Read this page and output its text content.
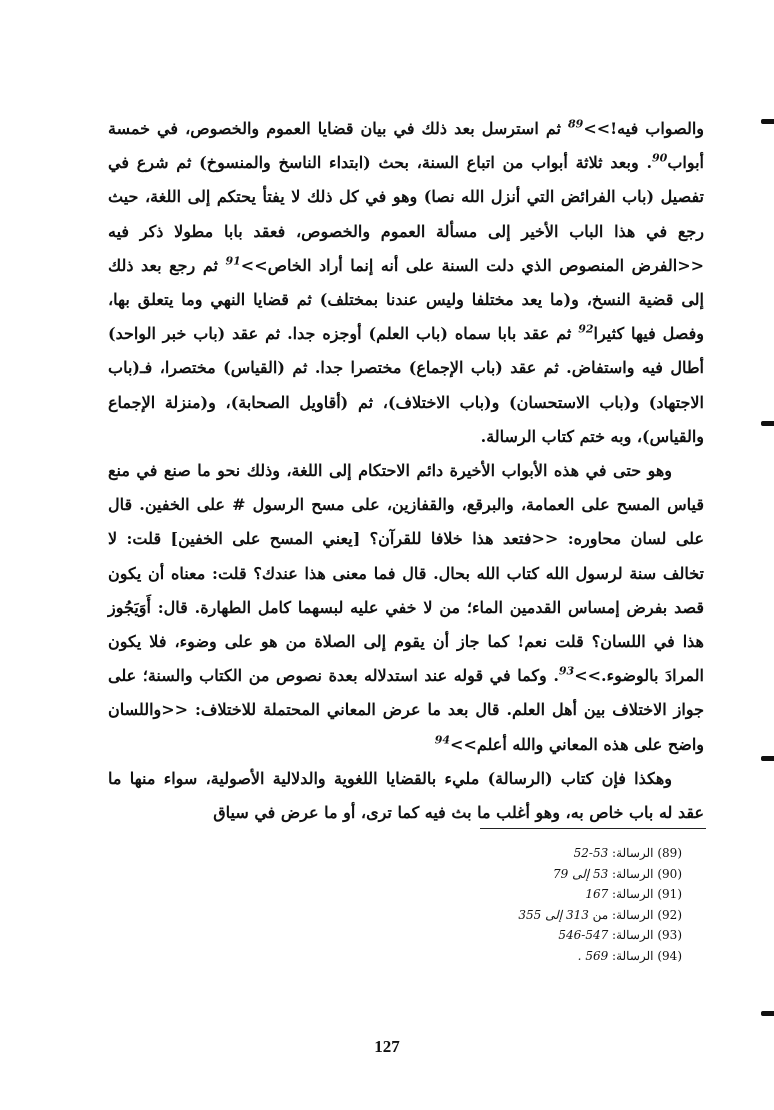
والصواب فيه!>>$^{89}$ ثم استرسل بعد ذلك في بيان قضايا العموم والخصوص، في خمسة أبواب$^{90}$. وبعد ثلاثة أبواب من اتباع السنة، بحث (ابتداء الناسخ والمنسوخ) ثم شرع في تفصيل (باب الفرائض التي أنزل الله نصا) وهو في كل ذلك لا يفتأ يحتكم إلى اللغة، حيث رجع في هذا الباب الأخير إلى مسألة العموم والخصوص، فعقد بابا مطولا ذكر فيه <<الفرض المنصوص الذي دلت السنة على أنه إنما أراد الخاص>>$^{91}$ ثم رجع بعد ذلك إلى قضية النسخ، و(ما يعد مختلفا وليس عندنا بمختلف) ثم قضايا النهي وما يتعلق بها، وفصل فيها كثيرا$^{92}$ ثم عقد بابا سماه (باب العلم) أوجزه جدا. ثم عقد (باب خبر الواحد) أطال فيه واستفاض. ثم عقد (باب الإجماع) مختصرا جدا. ثم (القياس) مختصرا، فـ(باب الاجتهاد) و(باب الاستحسان) و(باب الاختلاف)، ثم (أقاويل الصحابة)، و(منزلة الإجماع والقياس)، وبه ختم كتاب الرسالة.

وهو حتى في هذه الأبواب الأخيرة دائم الاحتكام إلى اللغة، وذلك نحو ما صنع في منع قياس المسح على العمامة، والبرقع، والقفازين، على مسح الرسول # على الخفين. قال على لسان محاوره: <<فتعد هذا خلافا للقرآن؟ [يعني المسح على الخفين] قلت: لا تخالف سنة لرسول الله كتاب الله بحال. قال فما معنى هذا عندك؟ قلت: معناه أن يكون قصد بفرض إمساس القدمين الماء؛ من لا خفي عليه لبسهما كامل الطهارة. قال: أَوَيَجُوز هذا في اللسان؟ قلت نعم! كما جاز أن يقوم إلى الصلاة من هو على وضوء، فلا يكون المرادَ بالوضوء.>>$^{93}$. وكما في قوله عند استدلاله بعدة نصوص من الكتاب والسنة؛ على جواز الاختلاف بين أهل العلم. قال بعد ما عرض المعاني المحتملة للاختلاف: <<واللسان واضح على هذه المعاني والله أعلم>>$^{94}$

وهكذا فإن كتاب (الرسالة) مليء بالقضايا اللغوية والدلالية الأصولية، سواء منها ما عقد له باب خاص به، وهو أغلب ما بث فيه كما ترى، أو ما عرض في سياق

(89) الرسالة: 53-52
(90) الرسالة: 53 إلى 79
(91) الرسالة: 167
(92) الرسالة: من 313 إلى 355
(93) الرسالة: 547-546
(94) الرسالة: 569 .
127
